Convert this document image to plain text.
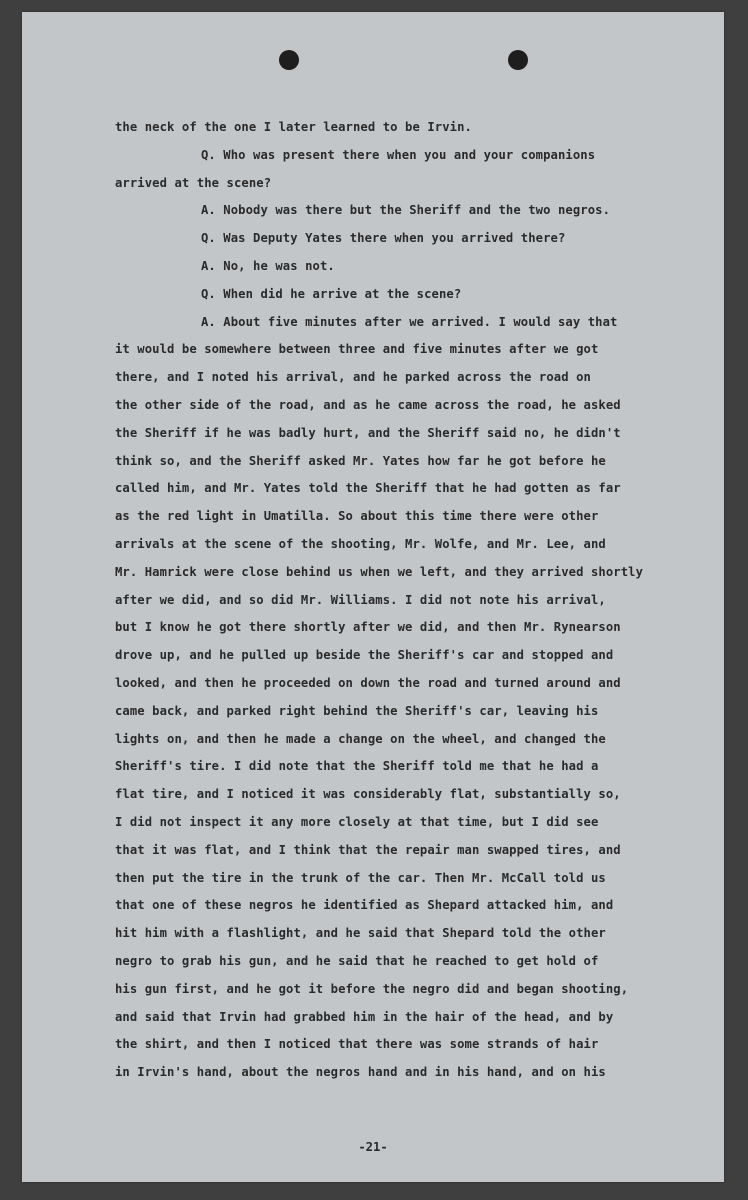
-21-
the neck of the one I later learned to be Irvin.
Q. Who was present there when you and your companions
arrived at the scene?
A. Nobody was there but the Sheriff and the two negros.
Q. Was Deputy Yates there when you arrived there?
A. No, he was not.
Q. When did he arrive at the scene?
A. About five minutes after we arrived. I would say that
it would be somewhere between three and five minutes after we got
there, and I noted his arrival, and he parked across the road on
the other side of the road, and as he came across the road, he asked
the Sheriff if he was badly hurt, and the Sheriff said no, he didn't
think so, and the Sheriff asked Mr. Yates how far he got before he
called him, and Mr. Yates told the Sheriff that he had gotten as far
as the red light in Umatilla. So about this time there were other
arrivals at the scene of the shooting, Mr. Wolfe, and Mr. Lee, and
Mr. Hamrick were close behind us when we left, and they arrived shortly
after we did, and so did Mr. Williams. I did not note his arrival,
but I know he got there shortly after we did, and then Mr. Rynearson
drove up, and he pulled up beside the Sheriff's car and stopped and
looked, and then he proceeded on down the road and turned around and
came back, and parked right behind the Sheriff's car, leaving his
lights on, and then he made a change on the wheel, and changed the
Sheriff's tire. I did note that the Sheriff told me that he had a
flat tire, and I noticed it was considerably flat, substantially so,
I did not inspect it any more closely at that time, but I did see
that it was flat, and I think that the repair man swapped tires, and
then put the tire in the trunk of the car. Then Mr. McCall told us
that one of these negros he identified as Shepard attacked him, and
hit him with a flashlight, and he said that Shepard told the other
negro to grab his gun, and he said that he reached to get hold of
his gun first, and he got it before the negro did and began shooting,
and said that Irvin had grabbed him in the hair of the head, and by
the shirt, and then I noticed that there was some strands of hair
in Irvin's hand, about the negros hand and in his hand, and on his
